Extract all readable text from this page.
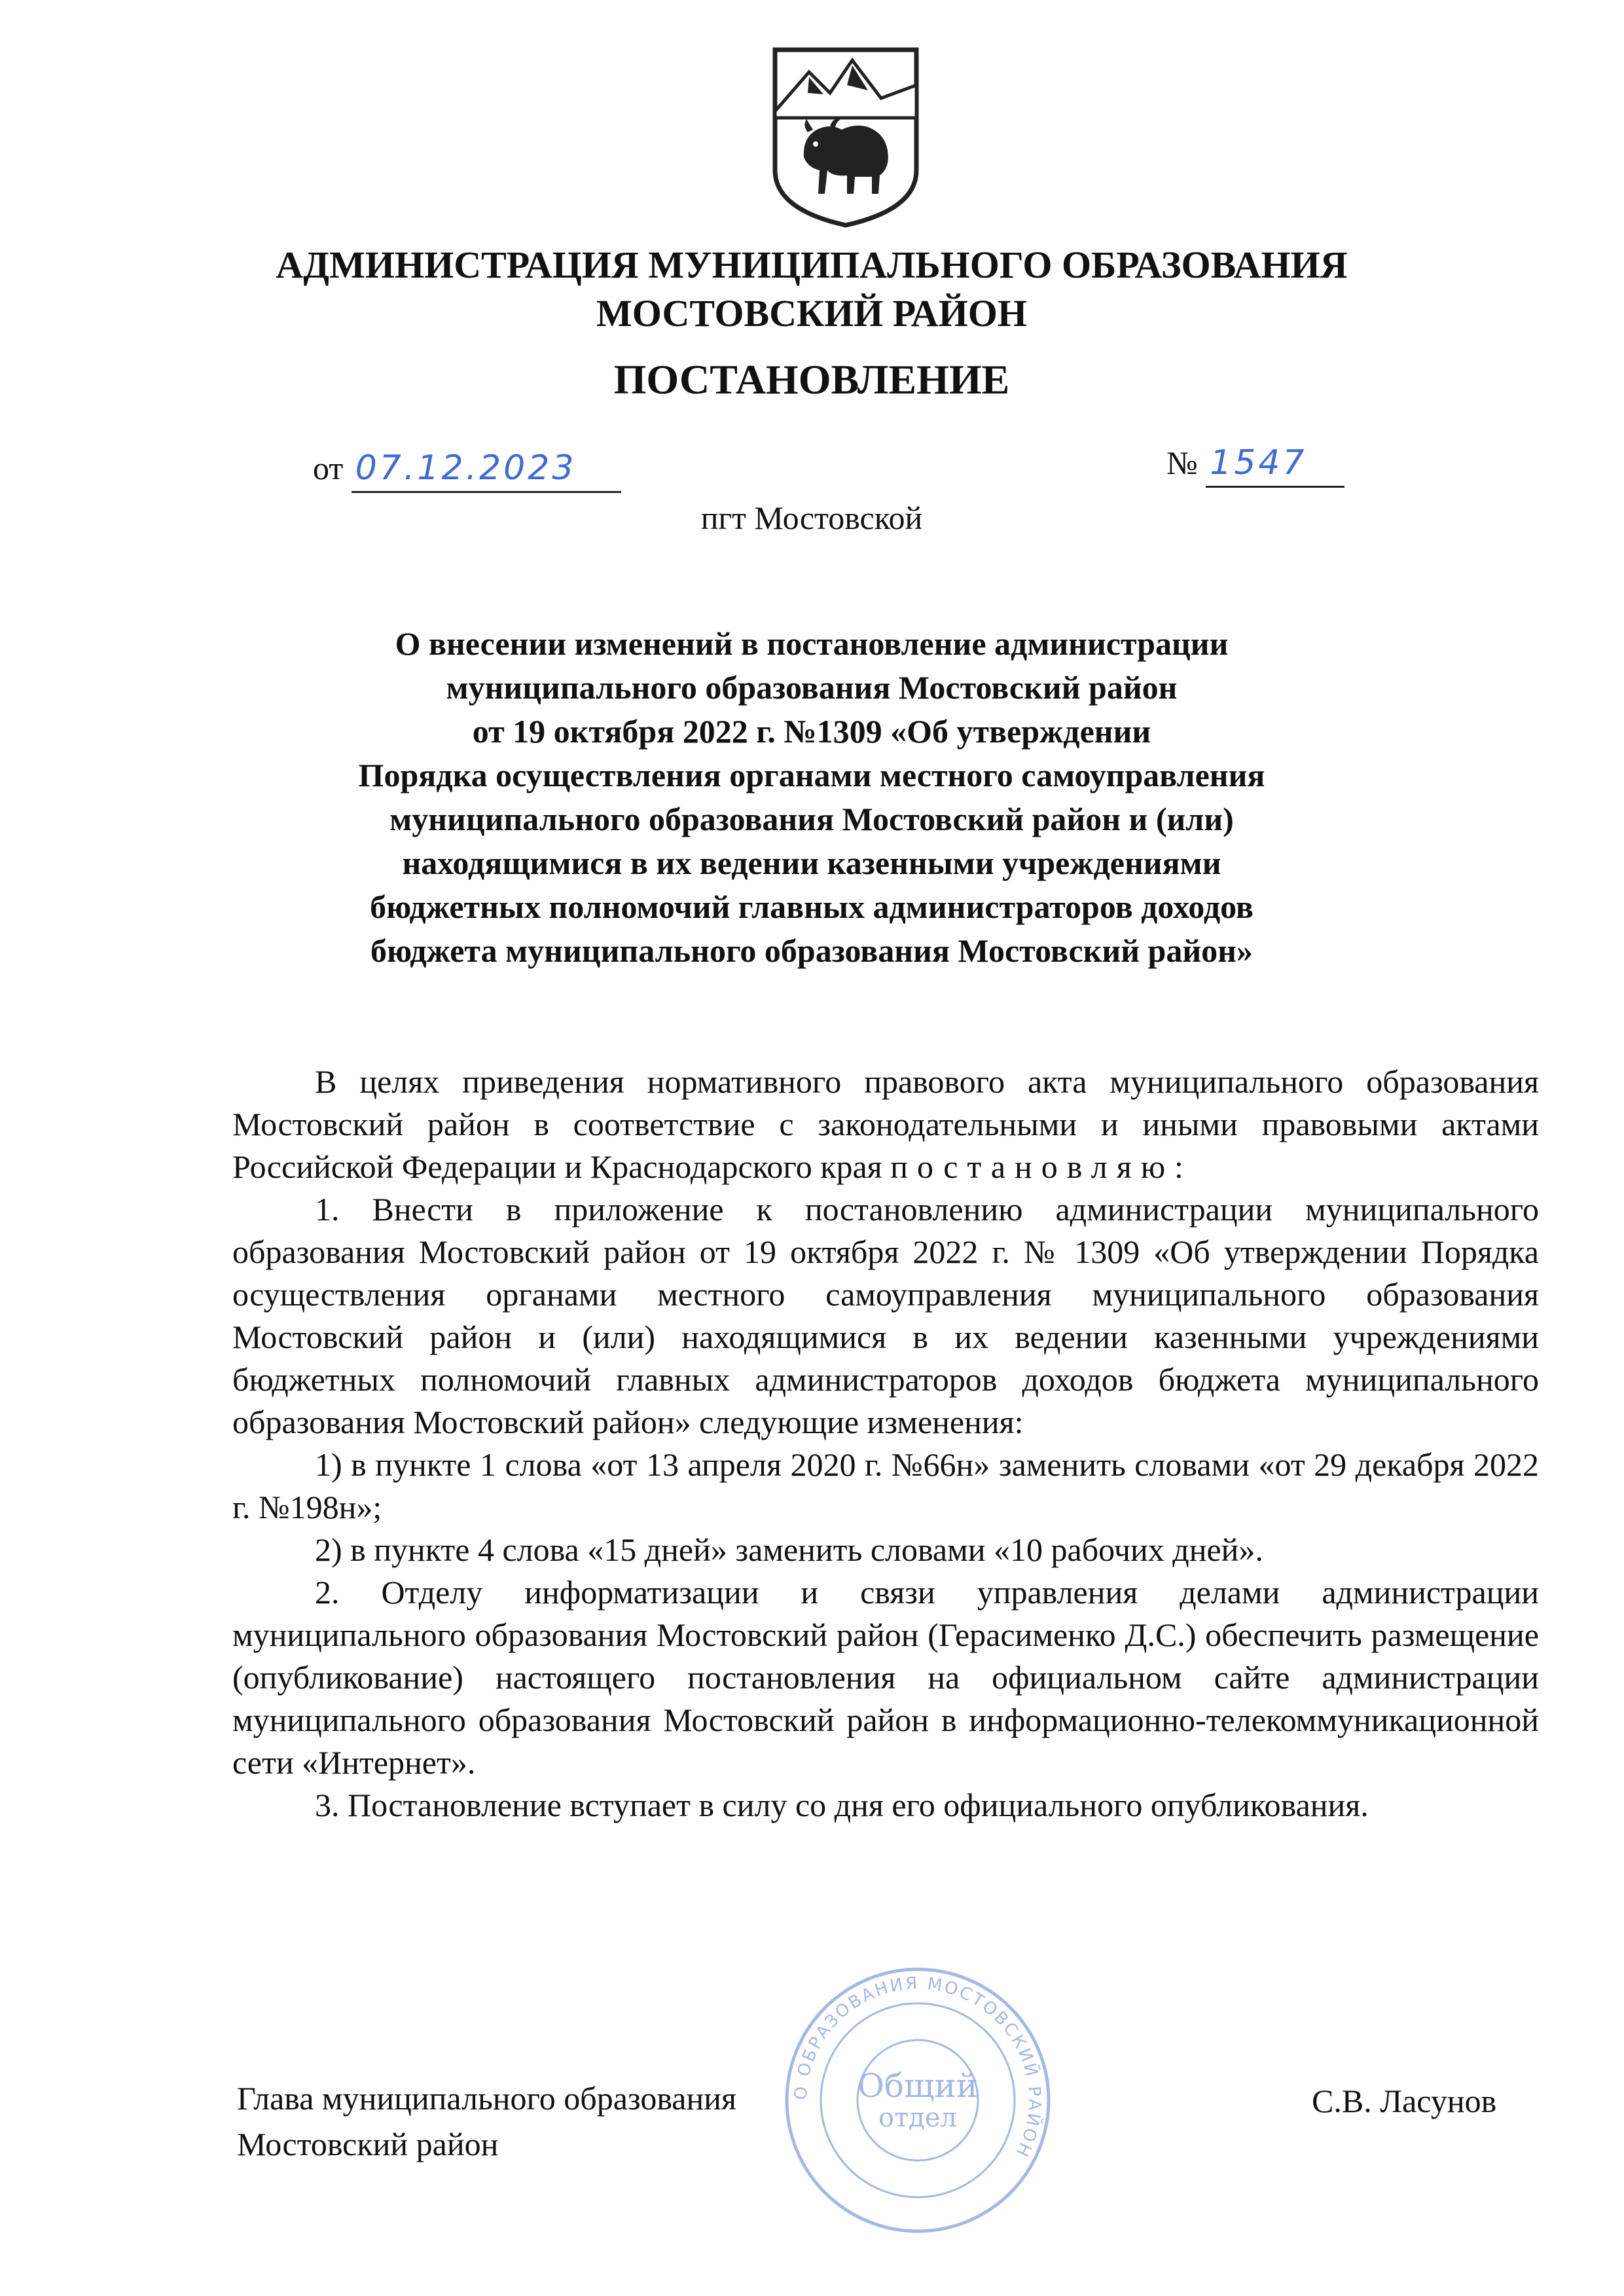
АДМИНИСТРАЦИЯ МУНИЦИПАЛЬНОГО ОБРАЗОВАНИЯ
МОСТОВСКИЙ РАЙОН
ПОСТАНОВЛЕНИЕ
от 07.12.2023	№ 1547
пгт Мостовской
О внесении изменений в постановление администрации
муниципального образования Мостовский район
от 19 октября 2022 г. №1309 «Об утверждении
Порядка осуществления органами местного самоуправления
муниципального образования Мостовский район и (или)
находящимися в их ведении казенными учреждениями
бюджетных полномочий главных администраторов доходов
бюджета муниципального образования Мостовский район»

В целях приведения нормативного правового акта муниципального образования Мостовский район в соответствие с законодательными и иными правовыми актами Российской Федерации и Краснодарского края постановляю:

1. Внести в приложение к постановлению администрации муниципального образования Мостовский район от 19 октября 2022 г. № 1309 «Об утверждении Порядка осуществления органами местного самоуправления муниципального образования Мостовский район и (или) находящимися в их ведении казенными учреждениями бюджетных полномочий главных администраторов доходов бюджета муниципального образования Мостовский район» следующие изменения:

1) в пункте 1 слова «от 13 апреля 2020 г. №66н» заменить словами «от 29 декабря 2022 г. №198н»;

2) в пункте 4 слова «15 дней» заменить словами «10 рабочих дней».

2. Отделу информатизации и связи управления делами администрации муниципального образования Мостовский район (Герасименко Д.С.) обеспечить размещение (опубликование) настоящего постановления на официальном сайте администрации муниципального образования Мостовский район в информационно-телекоммуникационной сети «Интернет».

3. Постановление вступает в силу со дня его официального опубликования.

О ОБРАЗОВАНИЯ МОСТОВСКИЙ РАЙОН
Общий
отдел
Глава муниципального образования
Мостовский район
С.В. Ласунов
